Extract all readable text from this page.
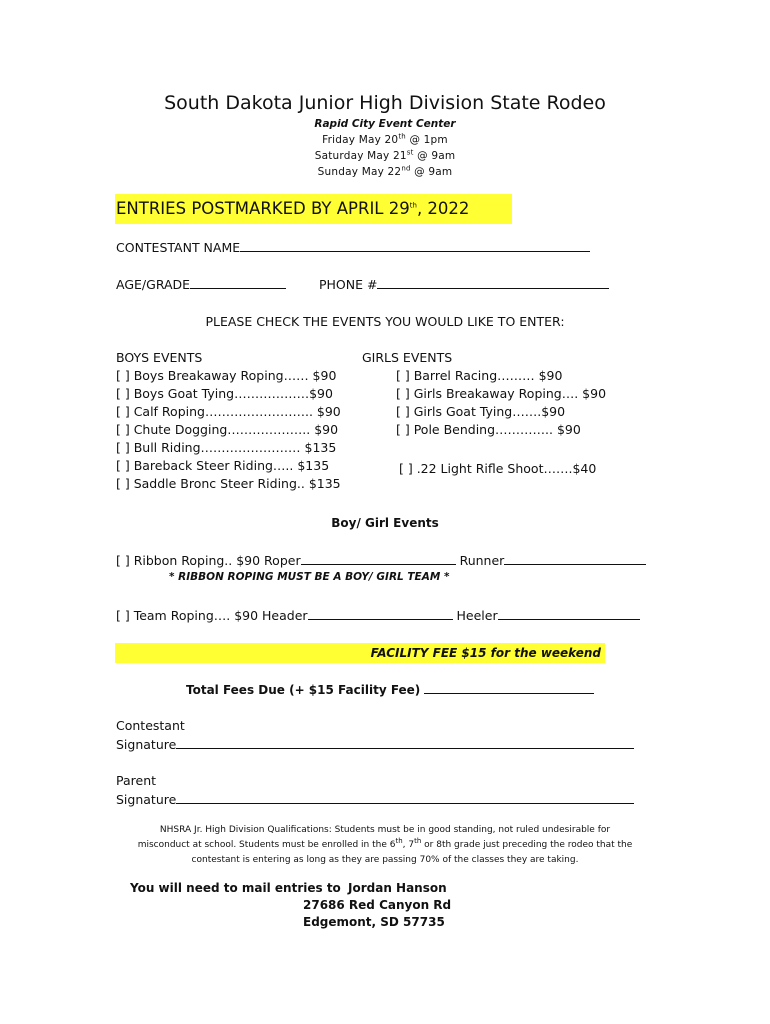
South Dakota Junior High Division State Rodeo
Rapid City Event Center
Friday May 20th @ 1pm
Saturday May 21st @ 9am
Sunday May 22nd @ 9am
ENTRIES POSTMARKED BY APRIL 29th, 2022
CONTESTANT NAME
AGE/GRADE	PHONE #
PLEASE CHECK THE EVENTS YOU WOULD LIKE TO ENTER:
BOYS EVENTS
[ ] Boys Breakaway Roping…… $90
[ ] Boys Goat Tying………………$90
[ ] Calf Roping…………………….. $90
[ ] Chute Dogging……………….. $90
[ ] Bull Riding…………………… $135
[ ] Bareback Steer Riding….. $135
[ ] Saddle Bronc Steer Riding.. $135
GIRLS EVENTS
[ ] Barrel Racing……… $90
[ ] Girls Breakaway Roping…. $90
[ ] Girls Goat Tying…….$90
[ ] Pole Bending………….. $90
[ ] .22 Light Rifle Shoot…….$40
Boy/ Girl Events
[ ] Ribbon Roping.. $90 Roper	Runner
* RIBBON ROPING MUST BE A BOY/ GIRL TEAM *
[ ] Team Roping…. $90 Header	Heeler
FACILITY FEE $15 for the weekend
Total Fees Due (+ $15 Facility Fee)
Contestant
Signature
Parent
Signature
NHSRA Jr. High Division Qualifications: Students must be in good standing, not ruled undesirable for
misconduct at school. Students must be enrolled in the 6th, 7th or 8th grade just preceding the rodeo that the
contestant is entering as long as they are passing 70% of the classes they are taking.
You will need to mail entries to Jordan Hanson
27686 Red Canyon Rd
Edgemont, SD 57735
